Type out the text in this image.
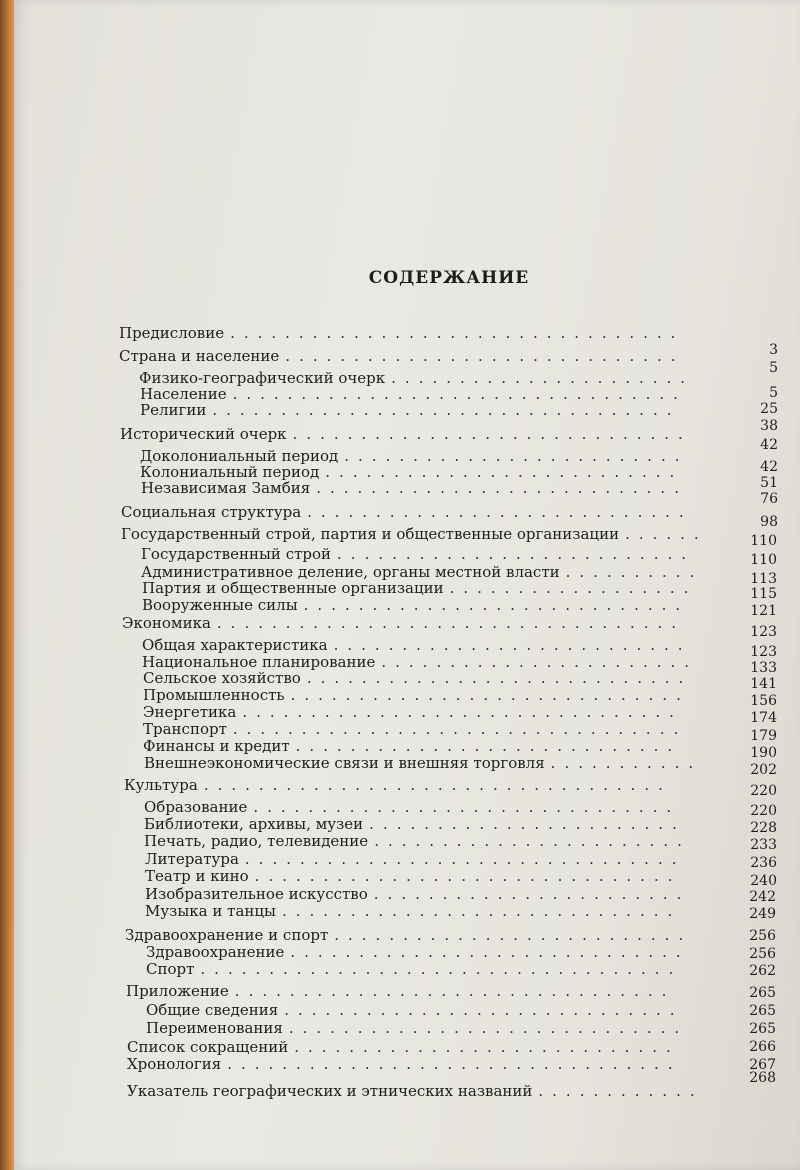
СОДЕРЖАНИЕ
Предисловие .................................
Страна и население .............................
Физико-географический очерк ......................
Население .................................
Религии ..................................
Исторический очерк .............................
Доколониальный период .........................
Колониальный период ..........................
Независимая Замбия ...........................
Социальная структура ............................
Государственный строй, партия и общественные организации ......
Государственный строй ..........................
Административное деление, органы местной власти ..........
Партия и общественные организации ..................
Вооруженные силы ............................
Экономика ..................................
Общая характеристика ..........................
Национальное планирование .......................
Сельское хозяйство ............................
Промышленность .............................
Энергетика ................................
Транспорт .................................
Финансы и кредит ............................
Внешнеэкономические связи и внешняя торговля ...........
Культура ..................................
Образование ...............................
Библиотеки, архивы, музеи .......................
Печать, радио, телевидение .......................
Литература ................................
Театр и кино ...............................
Изобразительное искусство .......................
Музыка и танцы .............................
Здравоохранение и спорт ..........................
Здравоохранение .............................
Спорт ...................................
Приложение ................................
Общие сведения .............................
Переименования .............................
Список сокращений ............................
Хронология .................................
Указатель географических и этнических названий ............
3
5
5
25
38
42
42
51
76
98
110
110
113
115
121
123
123
133
141
156
174
179
190
202
220
220
228
233
236
240
242
249
256
256
262
265
265
265
266
267
268
